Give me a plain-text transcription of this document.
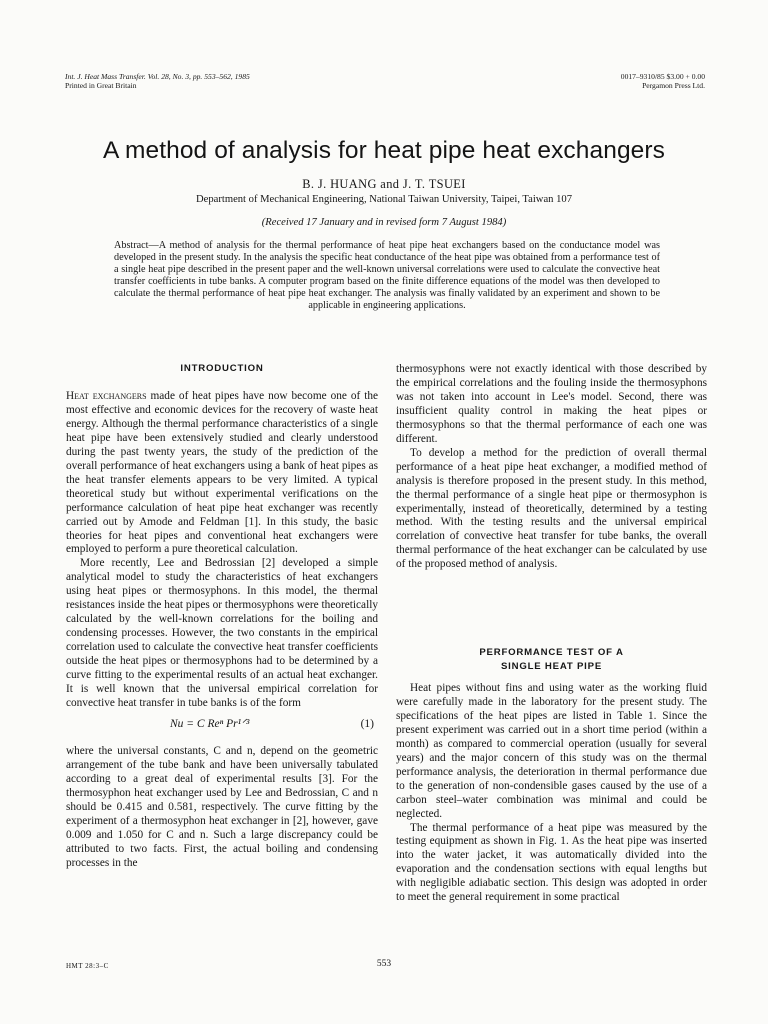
Int. J. Heat Mass Transfer. Vol. 28, No. 3, pp. 553–562, 1985
Printed in Great Britain
0017–9310/85 $3.00 + 0.00
Pergamon Press Ltd.
A method of analysis for heat pipe heat exchangers
B. J. HUANG and J. T. TSUEI
Department of Mechanical Engineering, National Taiwan University, Taipei, Taiwan 107
(Received 17 January and in revised form 7 August 1984)
Abstract—A method of analysis for the thermal performance of heat pipe heat exchangers based on the conductance model was developed in the present study. In the analysis the specific heat conductance of the heat pipe was obtained from a performance test of a single heat pipe described in the present paper and the well-known universal correlations were used to calculate the convective heat transfer coefficients in tube banks. A computer program based on the finite difference equations of the model was then developed to calculate the thermal performance of heat pipe heat exchanger. The analysis was finally validated by an experiment and shown to be applicable in engineering applications.
INTRODUCTION

Heat exchangers made of heat pipes have now become one of the most effective and economic devices for the recovery of waste heat energy. Although the thermal performance characteristics of a single heat pipe have been extensively studied and clearly understood during the past twenty years, the study of the prediction of the overall performance of heat exchangers using a bank of heat pipes as the heat transfer elements appears to be very limited. A typical theoretical study but without experimental verifications on the performance calculation of heat pipe heat exchanger was recently carried out by Amode and Feldman [1]. In this study, the basic theories for heat pipes and conventional heat exchangers were employed to perform a pure theoretical calculation.

More recently, Lee and Bedrossian [2] developed a simple analytical model to study the characteristics of heat exchangers using heat pipes or thermosyphons. In this model, the thermal resistances inside the heat pipes or thermosyphons were theoretically calculated by the well-known correlations for the boiling and condensing processes. However, the two constants in the empirical correlation used to calculate the convective heat transfer coefficients outside the heat pipes or thermosyphons had to be determined by a curve fitting to the experimental results of an actual heat exchanger. It is well known that the universal empirical correlation for convective heat transfer in tube banks is of the form

Nu = C Reⁿ Pr¹ᐟ³	(1)

where the universal constants, C and n, depend on the geometric arrangement of the tube bank and have been universally tabulated according to a great deal of experimental results [3]. For the thermosyphon heat exchanger used by Lee and Bedrossian, C and n should be 0.415 and 0.581, respectively. The curve fitting by the experiment of a thermosyphon heat exchanger in [2], however, gave 0.009 and 1.050 for C and n. Such a large discrepancy could be attributed to two facts. First, the actual boiling and condensing processes in the

thermosyphons were not exactly identical with those described by the empirical correlations and the fouling inside the thermosyphons was not taken into account in Lee's model. Second, there was insufficient quality control in making the heat pipes or thermosyphons so that the thermal performance of each one was different.

To develop a method for the prediction of overall thermal performance of a heat pipe heat exchanger, a modified method of analysis is therefore proposed in the present study. In this method, the thermal performance of a single heat pipe or thermosyphon is experimentally, instead of theoretically, determined by a testing method. With the testing results and the universal empirical correlation of convective heat transfer for tube banks, the overall thermal performance of the heat exchanger can be calculated by use of the proposed method of analysis.

PERFORMANCE TEST OF A
SINGLE HEAT PIPE

Heat pipes without fins and using water as the working fluid were carefully made in the laboratory for the present study. The specifications of the heat pipes are listed in Table 1. Since the present experiment was carried out in a short time period (within a month) as compared to commercial operation (usually for several years) and the major concern of this study was on the thermal performance analysis, the deterioration in thermal performance due to the generation of non-condensible gases caused by the use of a carbon steel–water combination was minimal and could be neglected.

The thermal performance of a heat pipe was measured by the testing equipment as shown in Fig. 1. As the heat pipe was inserted into the water jacket, it was automatically divided into the evaporation and the condensation sections with equal lengths but with negligible adiabatic section. This design was adopted in order to meet the general requirement in some practical

HMT 28:3–C	553
